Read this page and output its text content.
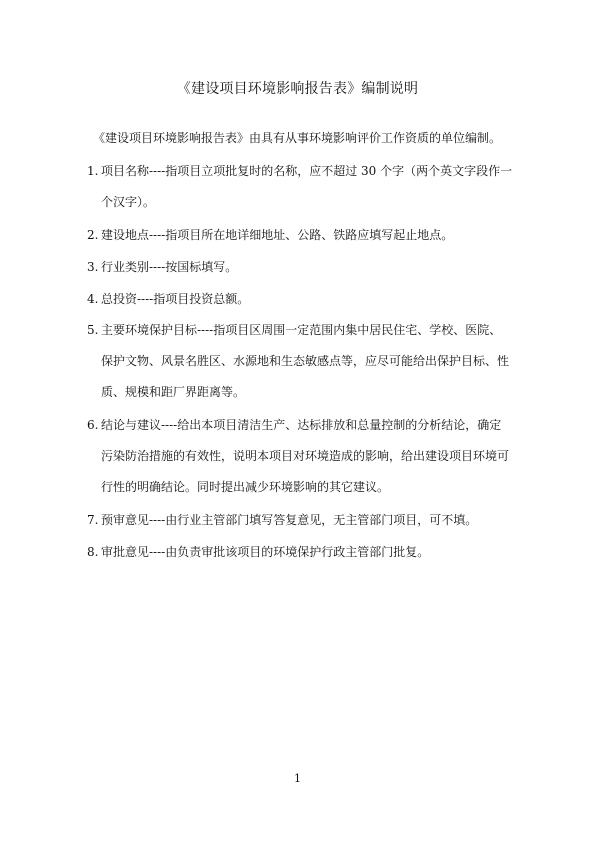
《建设项目环境影响报告表》编制说明
《建设项目环境影响报告表》由具有从事环境影响评价工作资质的单位编制。
1. 项目名称----指项目立项批复时的名称，应不超过 30 个字（两个英文字段作一
个汉字）。
2. 建设地点----指项目所在地详细地址、公路、铁路应填写起止地点。
3. 行业类别----按国标填写。
4. 总投资----指项目投资总额。
5. 主要环境保护目标----指项目区周围一定范围内集中居民住宅、学校、医院、
保护文物、风景名胜区、水源地和生态敏感点等，应尽可能给出保护目标、性
质、规模和距厂界距离等。
6. 结论与建议----给出本项目清洁生产、达标排放和总量控制的分析结论，确定
污染防治措施的有效性，说明本项目对环境造成的影响，给出建设项目环境可
行性的明确结论。同时提出减少环境影响的其它建议。
7. 预审意见----由行业主管部门填写答复意见，无主管部门项目，可不填。
8. 审批意见----由负责审批该项目的环境保护行政主管部门批复。
1
